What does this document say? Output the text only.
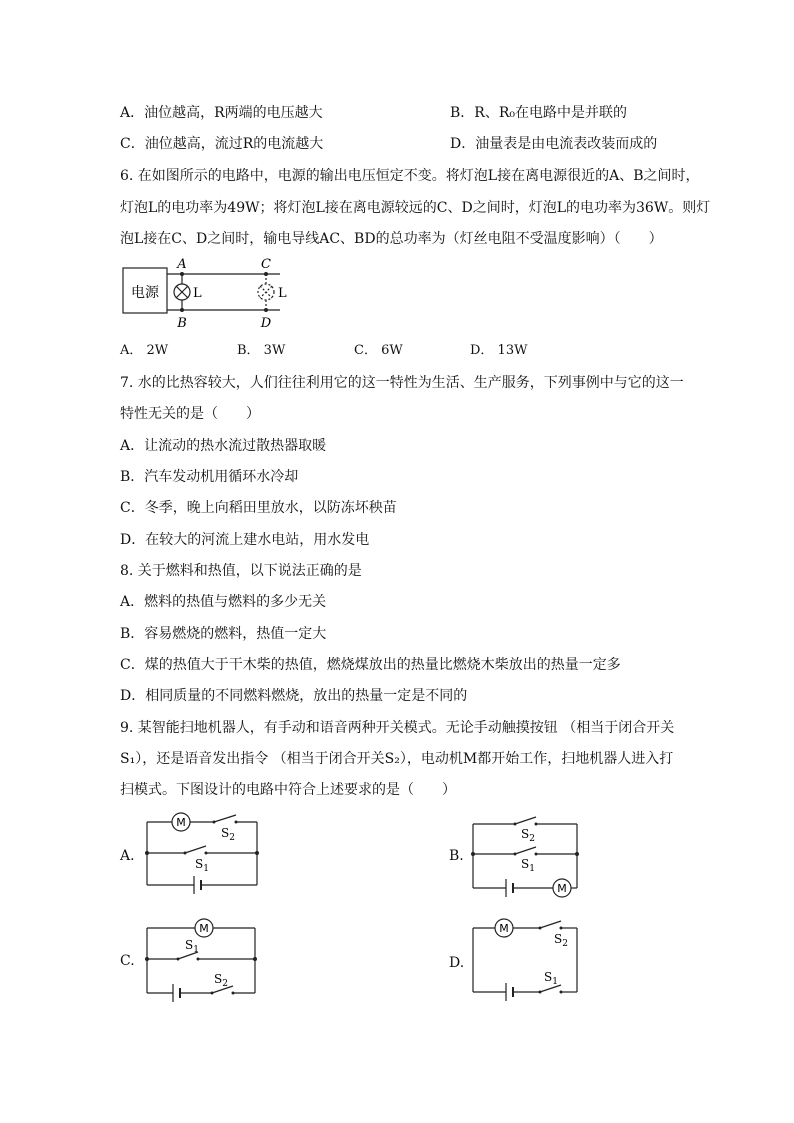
A．油位越高，R两端的电压越大	B．R、R₀在电路中是并联的
C．油位越高，流过R的电流越大	D．油量表是由电流表改装而成的
6. 在如图所示的电路中，电源的输出电压恒定不变。将灯泡L接在离电源很近的A、B之间时，
灯泡L的电功率为49W；将灯泡L接在离电源较远的C、D之间时，灯泡L的电功率为36W。则灯
泡L接在C、D之间时，输电导线AC、BD的总功率为（灯丝电阻不受温度影响）（　　）
电源
A
B
C
D
L	L
A． 2W	B． 3W	C． 6W	D． 13W
7. 水的比热容较大，人们往往利用它的这一特性为生活、生产服务，下列事例中与它的这一
特性无关的是（　　）
A．让流动的热水流过散热器取暖
B．汽车发动机用循环水冷却
C．冬季，晚上向稻田里放水，以防冻坏秧苗
D．在较大的河流上建水电站，用水发电
8. 关于燃料和热值，以下说法正确的是
A．燃料的热值与燃料的多少无关
B．容易燃烧的燃料，热值一定大
C．煤的热值大于干木柴的热值，燃烧煤放出的热量比燃烧木柴放出的热量一定多
D．相同质量的不同燃料燃烧，放出的热量一定是不同的
9. 某智能扫地机器人，有手动和语音两种开关模式。无论手动触摸按钮 （相当于闭合开关
S₁），还是语音发出指令 （相当于闭合开关S₂），电动机M都开始工作，扫地机器人进入打
扫模式。下图设计的电路中符合上述要求的是（　　）
A.
M
$S_2$
$S_1$
B.
M
$S_2$
$S_1$
C.
M
$S_1$
$S_2$
D.
M
$S_2$
$S_1$
